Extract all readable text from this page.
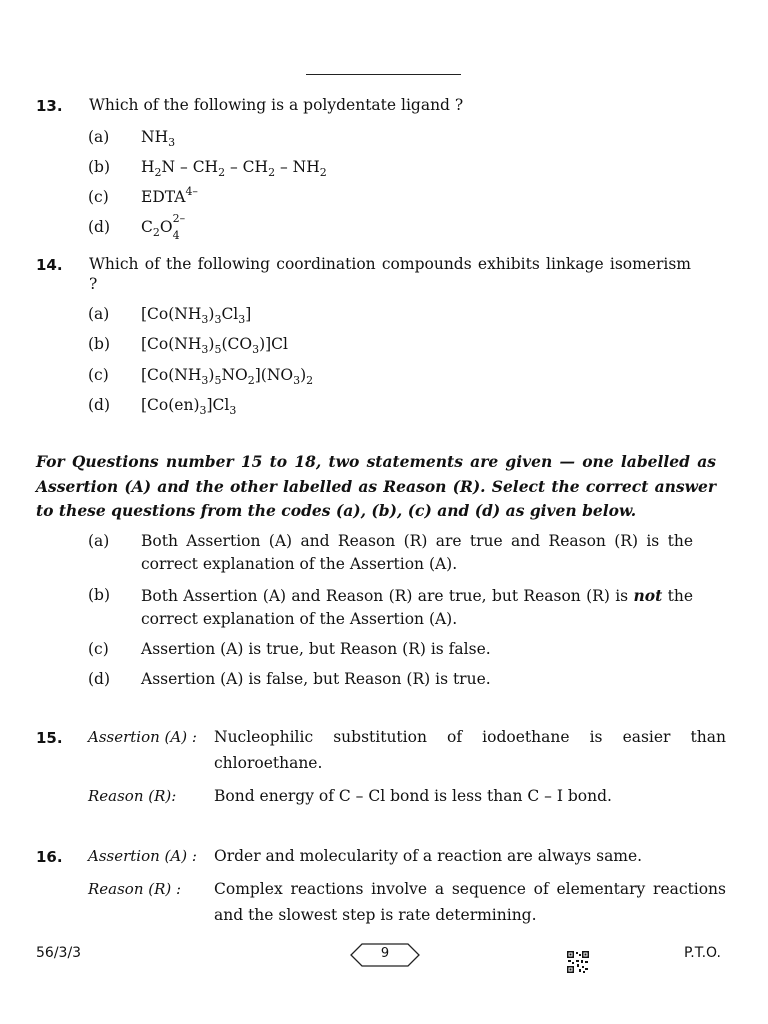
13. Which of the following is a polydentate ligand ?
(a) $NH_3$
(b) $H_2N - CH_2 - CH_2 - NH_2$
(c) $EDTA^{4-}$
(d) $C_2O$ 2–
4
14. Which of the following coordination compounds exhibits linkage isomerism ?
(a) $[Co(NH_3)_3Cl_3]$
(b) $[Co(NH_3)_5(CO_3)]Cl$
(c) $[Co(NH_3)_5NO_2](NO_3)_2$
(d) $[Co(en)_3]Cl_3$
For Questions number 15 to 18, two statements are given — one labelled as Assertion (A) and the other labelled as Reason (R). Select the correct answer to these questions from the codes (a), (b), (c) and (d) as given below.
(a) Both Assertion (A) and Reason (R) are true and Reason (R) is the correct explanation of the Assertion (A).
(b) Both Assertion (A) and Reason (R) are true, but Reason (R) is not the correct explanation of the Assertion (A).
(c) Assertion (A) is true, but Reason (R) is false.
(d) Assertion (A) is false, but Reason (R) is true.
15. Assertion (A) : Nucleophilic substitution of iodoethane is easier than chloroethane.
Reason (R): Bond energy of C – Cl bond is less than C – I bond.
16. Assertion (A) : Order and molecularity of a reaction are always same.
Reason (R) : Complex reactions involve a sequence of elementary reactions and the slowest step is rate determining.
56/3/3	9	P.T.O.
